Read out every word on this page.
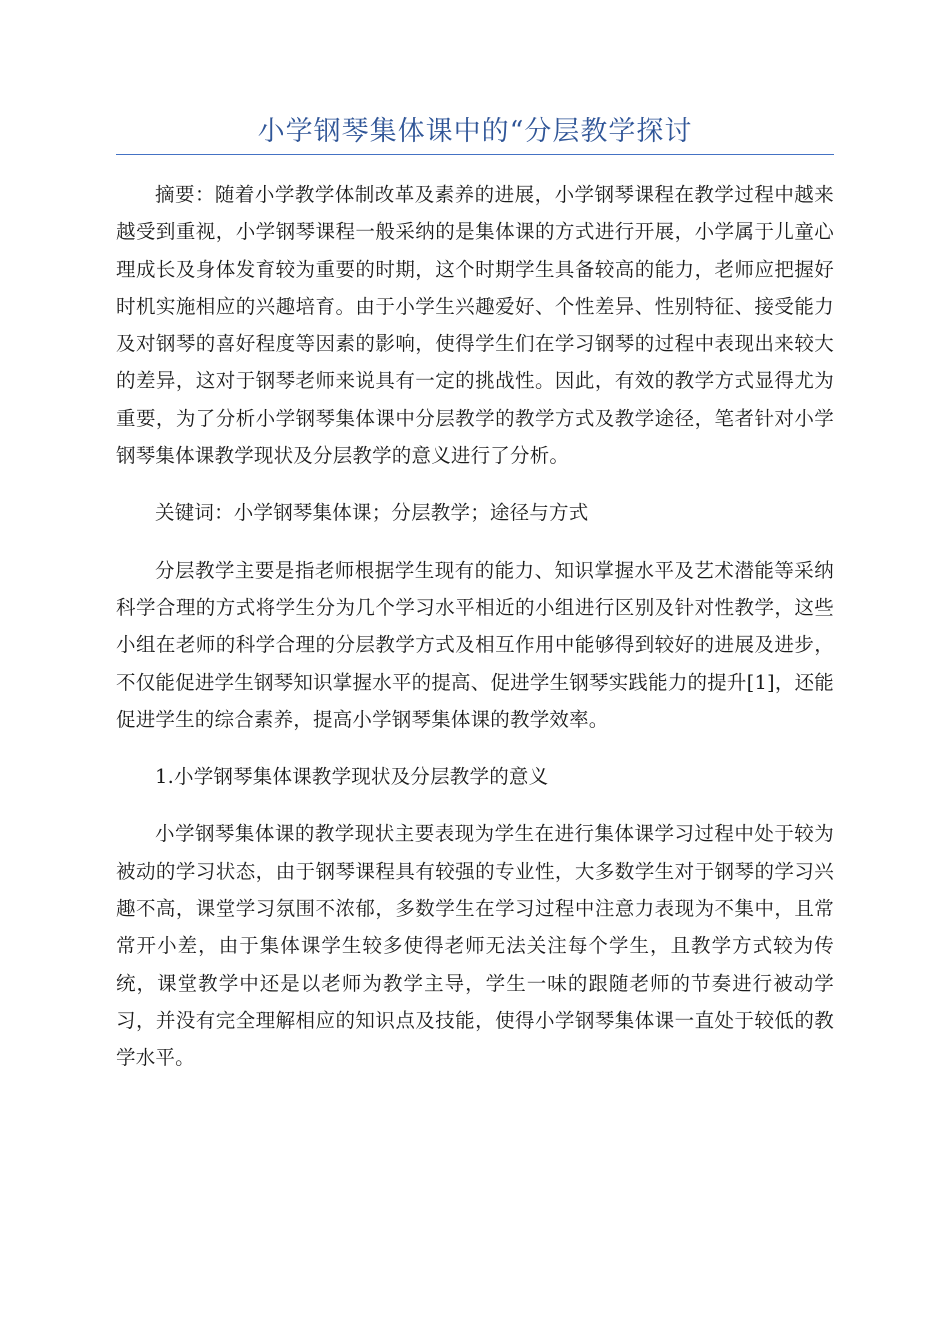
小学钢琴集体课中的“分层教学探讨

摘要：随着小学教学体制改革及素养的进展，小学钢琴课程在教学过程中越来越受到重视，小学钢琴课程一般采纳的是集体课的方式进行开展，小学属于儿童心理成长及身体发育较为重要的时期，这个时期学生具备较高的能力，老师应把握好时机实施相应的兴趣培育。由于小学生兴趣爱好、个性差异、性别特征、接受能力及对钢琴的喜好程度等因素的影响，使得学生们在学习钢琴的过程中表现出来较大的差异，这对于钢琴老师来说具有一定的挑战性。因此，有效的教学方式显得尤为重要，为了分析小学钢琴集体课中分层教学的教学方式及教学途径，笔者针对小学钢琴集体课教学现状及分层教学的意义进行了分析。

关键词：小学钢琴集体课；分层教学；途径与方式

分层教学主要是指老师根据学生现有的能力、知识掌握水平及艺术潜能等采纳科学合理的方式将学生分为几个学习水平相近的小组进行区别及针对性教学，这些小组在老师的科学合理的分层教学方式及相互作用中能够得到较好的进展及进步，不仅能促进学生钢琴知识掌握水平的提高、促进学生钢琴实践能力的提升[1]，还能促进学生的综合素养，提高小学钢琴集体课的教学效率。

1.小学钢琴集体课教学现状及分层教学的意义

小学钢琴集体课的教学现状主要表现为学生在进行集体课学习过程中处于较为被动的学习状态，由于钢琴课程具有较强的专业性，大多数学生对于钢琴的学习兴趣不高，课堂学习氛围不浓郁，多数学生在学习过程中注意力表现为不集中，且常常开小差，由于集体课学生较多使得老师无法关注每个学生，且教学方式较为传统，课堂教学中还是以老师为教学主导，学生一味的跟随老师的节奏进行被动学习，并没有完全理解相应的知识点及技能，使得小学钢琴集体课一直处于较低的教学水平。
